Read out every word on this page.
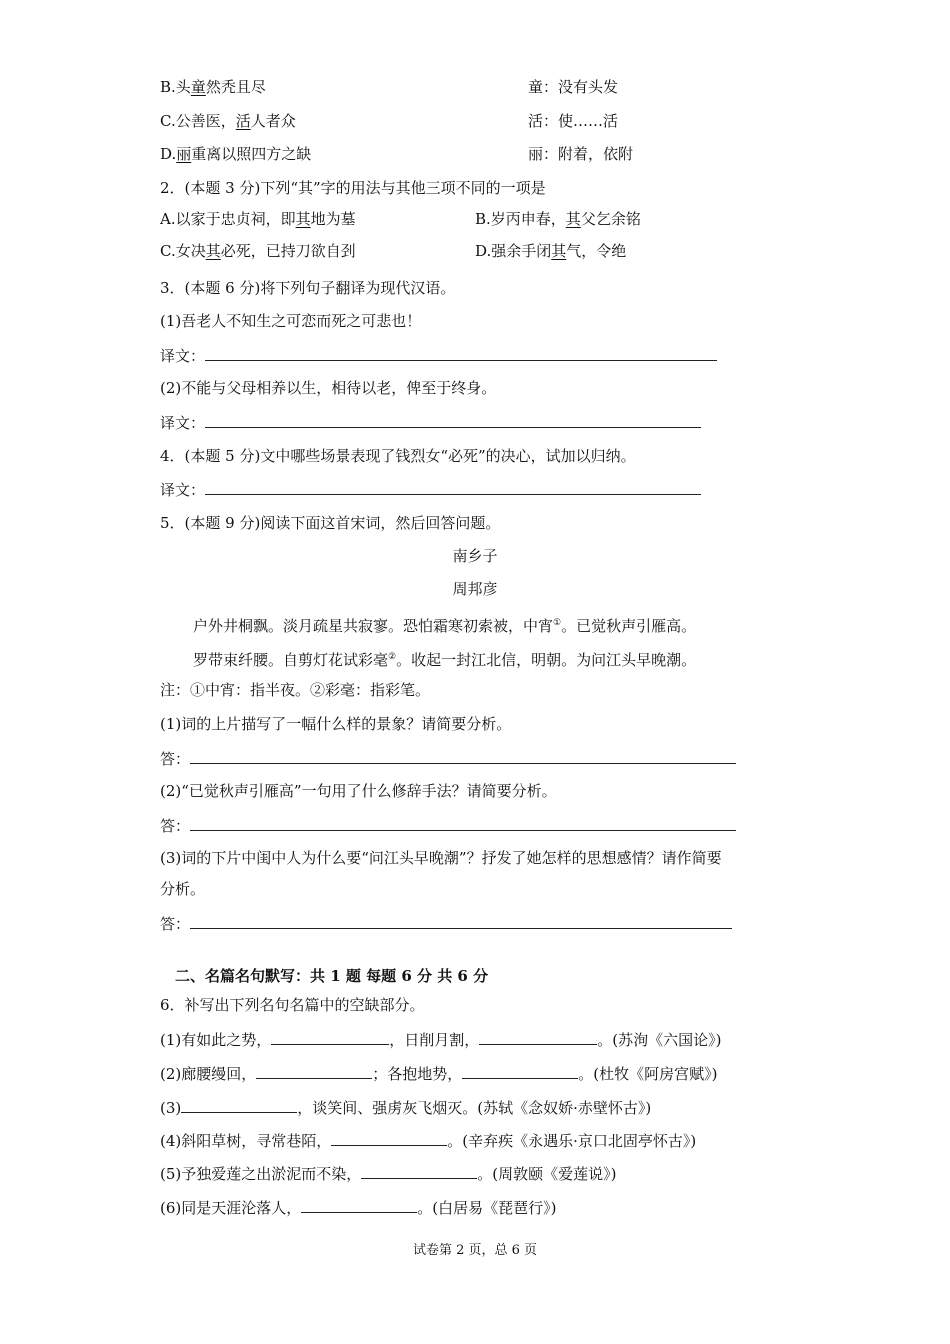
B.头童然秃且尽	童：没有头发
C.公善医，活人者众	活：使……活
D.丽重离以照四方之缺	丽：附着，依附
2．(本题 3 分)下列“其”字的用法与其他三项不同的一项是
A.以家于忠贞祠，即其地为墓	B.岁丙申春，其父乞余铭
C.女决其必死，已持刀欲自刭	D.强余手闭其气，令绝
3．(本题 6 分)将下列句子翻译为现代汉语。
(1)吾老人不知生之可恋而死之可悲也！
译文：
(2)不能与父母相养以生，相待以老，俾至于终身。
译文：
4．(本题 5 分)文中哪些场景表现了钱烈女“必死”的决心，试加以归纳。
译文：
5．(本题 9 分)阅读下面这首宋词，然后回答问题。
南乡子
周邦彦
户外井桐飘。淡月疏星共寂寥。恐怕霜寒初索被，中宵①。已觉秋声引雁高。
罗带束纤腰。自剪灯花试彩毫②。收起一封江北信，明朝。为问江头早晚潮。
注：①中宵：指半夜。②彩毫：指彩笔。
(1)词的上片描写了一幅什么样的景象？请简要分析。
答：
(2)“已觉秋声引雁高”一句用了什么修辞手法？请简要分析。
答：
(3)词的下片中闺中人为什么要“问江头早晚潮”？抒发了她怎样的思想感情？请作简要
分析。
答：
二、名篇名句默写：共 1 题 每题 6 分 共 6 分
6．补写出下列名句名篇中的空缺部分。
(1)有如此之势，	，日削月割，	。(苏洵《六国论》)
(2)廊腰缦回，	；各抱地势，	。(杜牧《阿房宫赋》)
(3)	，谈笑间、强虏灰飞烟灭。(苏轼《念奴娇·赤壁怀古》)
(4)斜阳草树，寻常巷陌，	。(辛弃疾《永遇乐·京口北固亭怀古》)
(5)予独爱莲之出淤泥而不染，	。(周敦颐《爱莲说》)
(6)同是天涯沦落人，	。(白居易《琵琶行》)
试卷第 2 页，总 6 页
